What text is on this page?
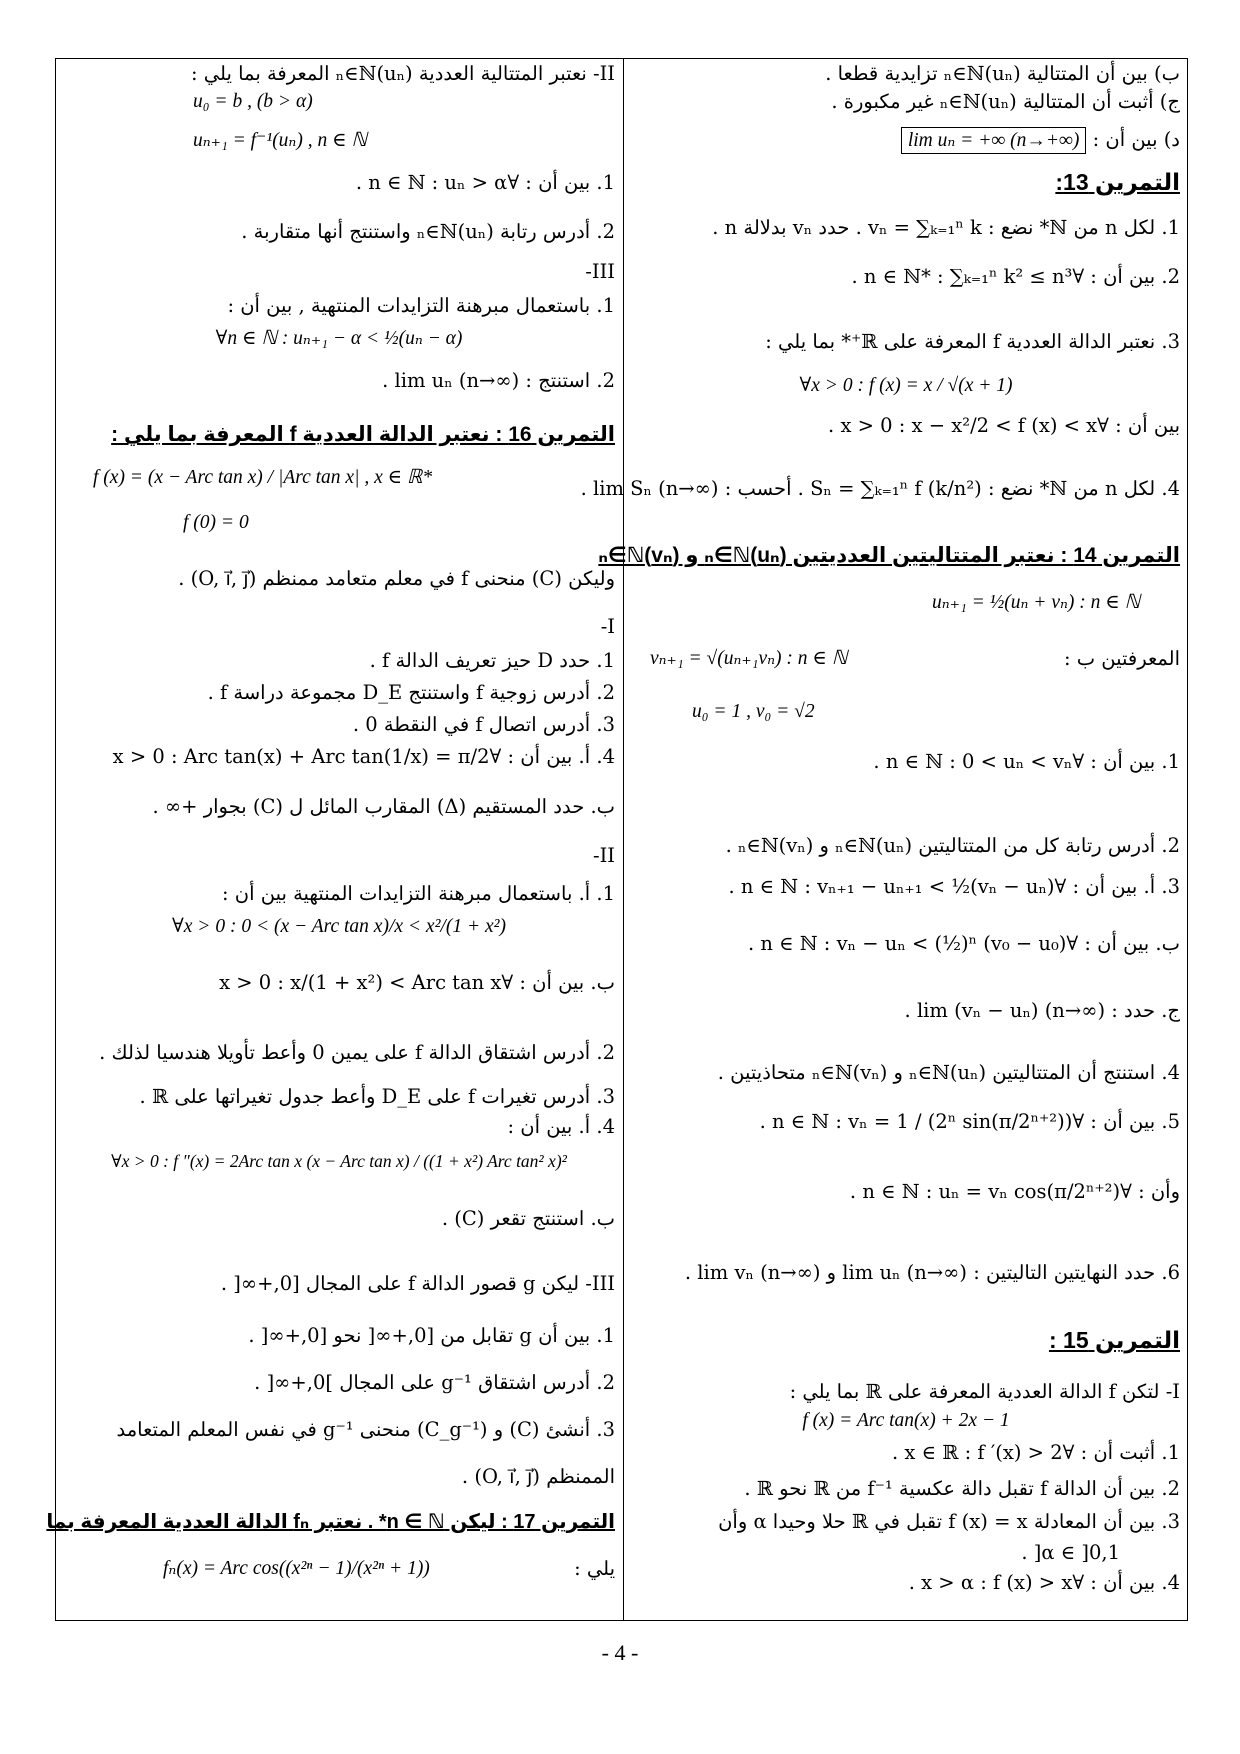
ب) بين أن المتتالية (uₙ)ₙ∈ℕ تزايدية قطعا .
ج) أثبت أن المتتالية (uₙ)ₙ∈ℕ غير مكبورة .
د) بين أن : lim uₙ = +∞ (n→+∞)
التمرين 13:
1. لكل n من ℕ* نضع : vₙ = ∑ₖ₌₁ⁿ k . حدد vₙ بدلالة n .
2. بين أن : ∀n ∈ ℕ* : ∑ₖ₌₁ⁿ k² ≤ n³ .
3. نعتبر الدالة العددية f المعرفة على ℝ⁺* بما يلي :
∀x > 0 : f (x) = x / √(x + 1)
بين أن : ∀x > 0 : x − x²/2 < f (x) < x .
4. لكل n من ℕ* نضع : Sₙ = ∑ₖ₌₁ⁿ f (k/n²) . أحسب : lim Sₙ (n→∞) .
التمرين 14 : نعتبر المتتاليتين العدديتين (uₙ)ₙ∈ℕ و (vₙ)ₙ∈ℕ
uₙ₊₁ = ½(uₙ + vₙ) : n ∈ ℕ
المعرفتين ب :
vₙ₊₁ = √(uₙ₊₁vₙ) : n ∈ ℕ
u₀ = 1 , v₀ = √2
1. بين أن : ∀n ∈ ℕ : 0 < uₙ < vₙ .
2. أدرس رتابة كل من المتتاليتين (uₙ)ₙ∈ℕ و (vₙ)ₙ∈ℕ .
3. أ. بين أن : ∀n ∈ ℕ : vₙ₊₁ − uₙ₊₁ < ½(vₙ − uₙ) .
ب. بين أن : ∀n ∈ ℕ : vₙ − uₙ < (½)ⁿ (v₀ − u₀) .
ج. حدد : lim (vₙ − uₙ) (n→∞) .
4. استنتج أن المتتاليتين (uₙ)ₙ∈ℕ و (vₙ)ₙ∈ℕ متحاذيتين .
5. بين أن : ∀n ∈ ℕ : vₙ = 1 / (2ⁿ sin(π/2ⁿ⁺²)) .
وأن : ∀n ∈ ℕ : uₙ = vₙ cos(π/2ⁿ⁺²) .
6. حدد النهايتين التاليتين : lim uₙ (n→∞) و lim vₙ (n→∞) .
التمرين 15 :
I- لتكن f الدالة العددية المعرفة على ℝ بما يلي :
f (x) = Arc tan(x) + 2x − 1
1. أثبت أن : ∀x ∈ ℝ : f ′(x) > 2 .
2. بين أن الدالة f تقبل دالة عكسية f⁻¹ من ℝ نحو ℝ .
3. بين أن المعادلة f (x) = x تقبل في ℝ حلا وحيدا α وأن
α ∈ ]0,1[ .
4. بين أن : ∀x > α : f (x) > x .
II- نعتبر المتتالية العددية (uₙ)ₙ∈ℕ المعرفة بما يلي :
u₀ = b , (b > α)
uₙ₊₁ = f⁻¹(uₙ) , n ∈ ℕ
1. بين أن : ∀n ∈ ℕ : uₙ > α .
2. أدرس رتابة (uₙ)ₙ∈ℕ واستنتج أنها متقاربة .
III-
1. باستعمال مبرهنة التزايدات المنتهية , بين أن :
∀n ∈ ℕ : uₙ₊₁ − α < ½(uₙ − α)
2. استنتج : lim uₙ (n→∞) .
التمرين 16 : نعتبر الدالة العددية f المعرفة بما يلي :
f (x) = (x − Arc tan x) / |Arc tan x| , x ∈ ℝ*
f (0) = 0
وليكن (C) منحنى f في معلم متعامد ممنظم (O, i⃗, j⃗) .
I-
1. حدد D حيز تعريف الدالة f .
2. أدرس زوجية f واستنتج D_E مجموعة دراسة f .
3. أدرس اتصال f في النقطة 0 .
4. أ. بين أن : ∀x > 0 : Arc tan(x) + Arc tan(1/x) = π/2
ب. حدد المستقيم (Δ) المقارب المائل ل (C) بجوار +∞ .
II-
1. أ. باستعمال مبرهنة التزايدات المنتهية بين أن :
∀x > 0 : 0 < (x − Arc tan x)/x < x²/(1 + x²)
ب. بين أن : ∀x > 0 : x/(1 + x²) < Arc tan x
2. أدرس اشتقاق الدالة f على يمين 0 وأعط تأويلا هندسيا لذلك .
3. أدرس تغيرات f على D_E وأعط جدول تغيراتها على ℝ .
4. أ. بين أن :
∀x > 0 : f ″(x) = 2Arc tan x (x − Arc tan x) / ((1 + x²) Arc tan² x)²
ب. استنتج تقعر (C) .
III- ليكن g قصور الدالة f على المجال [0,+∞[ .
1. بين أن g تقابل من [0,+∞[ نحو [0,+∞[ .
2. أدرس اشتقاق g⁻¹ على المجال ]0,+∞[ .
3. أنشئ (C) و (C_g⁻¹) منحنى g⁻¹ في نفس المعلم المتعامد
الممنظم (O, i⃗, j⃗) .
التمرين 17 : ليكن n ∈ ℕ* . نعتبر fₙ الدالة العددية المعرفة بما
يلي :
fₙ(x) = Arc cos((x²ⁿ − 1)/(x²ⁿ + 1))
- 4 -
